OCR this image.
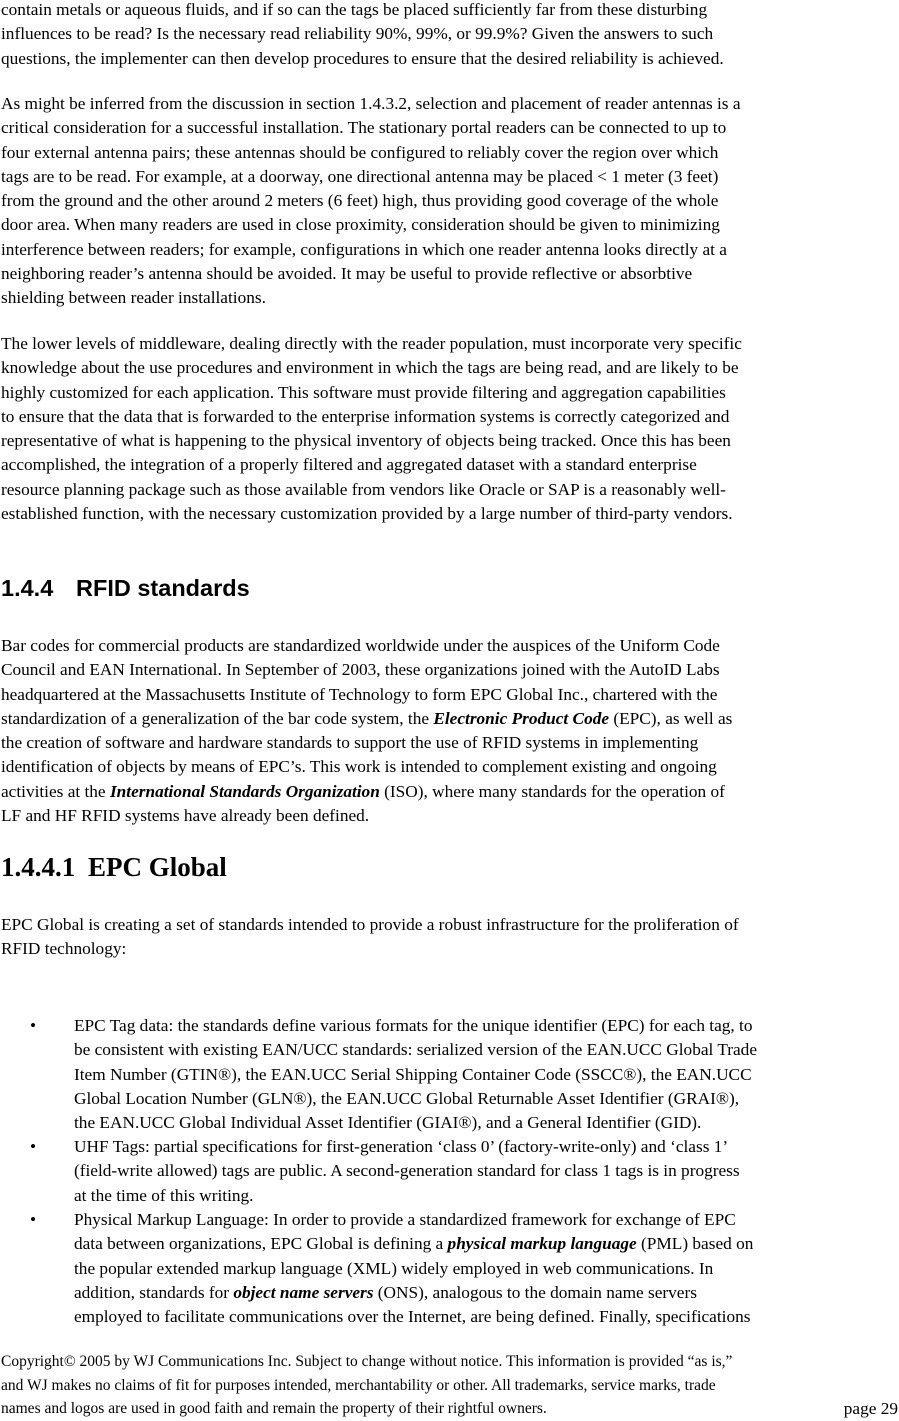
contain metals or aqueous fluids, and if so can the tags be placed sufficiently far from these disturbing
influences to be read? Is the necessary read reliability 90%, 99%, or 99.9%? Given the answers to such
questions, the implementer can then develop procedures to ensure that the desired reliability is achieved.
As might be inferred from the discussion in section 1.4.3.2, selection and placement of reader antennas is a
critical consideration for a successful installation. The stationary portal readers can be connected to up to
four external antenna pairs; these antennas should be configured to reliably cover the region over which
tags are to be read. For example, at a doorway, one directional antenna may be placed < 1 meter (3 feet)
from the ground and the other around 2 meters (6 feet) high, thus providing good coverage of the whole
door area. When many readers are used in close proximity, consideration should be given to minimizing
interference between readers; for example, configurations in which one reader antenna looks directly at a
neighboring reader’s antenna should be avoided. It may be useful to provide reflective or absorbtive
shielding between reader installations.
The lower levels of middleware, dealing directly with the reader population, must incorporate very specific
knowledge about the use procedures and environment in which the tags are being read, and are likely to be
highly customized for each application. This software must provide filtering and aggregation capabilities
to ensure that the data that is forwarded to the enterprise information systems is correctly categorized and
representative of what is happening to the physical inventory of objects being tracked. Once this has been
accomplished, the integration of a properly filtered and aggregated dataset with a standard enterprise
resource planning package such as those available from vendors like Oracle or SAP is a reasonably well-
established function, with the necessary customization provided by a large number of third-party vendors.
1.4.4 RFID standards
Bar codes for commercial products are standardized worldwide under the auspices of the Uniform Code
Council and EAN International. In September of 2003, these organizations joined with the AutoID Labs
headquartered at the Massachusetts Institute of Technology to form EPC Global Inc., chartered with the
standardization of a generalization of the bar code system, the Electronic Product Code (EPC), as well as
the creation of software and hardware standards to support the use of RFID systems in implementing
identification of objects by means of EPC’s. This work is intended to complement existing and ongoing
activities at the International Standards Organization (ISO), where many standards for the operation of
LF and HF RFID systems have already been defined.
1.4.4.1 EPC Global
EPC Global is creating a set of standards intended to provide a robust infrastructure for the proliferation of
RFID technology:
• EPC Tag data: the standards define various formats for the unique identifier (EPC) for each tag, to
be consistent with existing EAN/UCC standards: serialized version of the EAN.UCC Global Trade
Item Number (GTIN®), the EAN.UCC Serial Shipping Container Code (SSCC®), the EAN.UCC
Global Location Number (GLN®), the EAN.UCC Global Returnable Asset Identifier (GRAI®),
the EAN.UCC Global Individual Asset Identifier (GIAI®), and a General Identifier (GID).
• UHF Tags: partial specifications for first-generation ‘class 0’ (factory-write-only) and ‘class 1’
(field-write allowed) tags are public. A second-generation standard for class 1 tags is in progress
at the time of this writing.
• Physical Markup Language: In order to provide a standardized framework for exchange of EPC
data between organizations, EPC Global is defining a physical markup language (PML) based on
the popular extended markup language (XML) widely employed in web communications. In
addition, standards for object name servers (ONS), analogous to the domain name servers
employed to facilitate communications over the Internet, are being defined. Finally, specifications
Copyright© 2005 by WJ Communications Inc. Subject to change without notice. This information is provided “as is,”
and WJ makes no claims of fit for purposes intended, merchantability or other. All trademarks, service marks, trade
names and logos are used in good faith and remain the property of their rightful owners.	page 29
